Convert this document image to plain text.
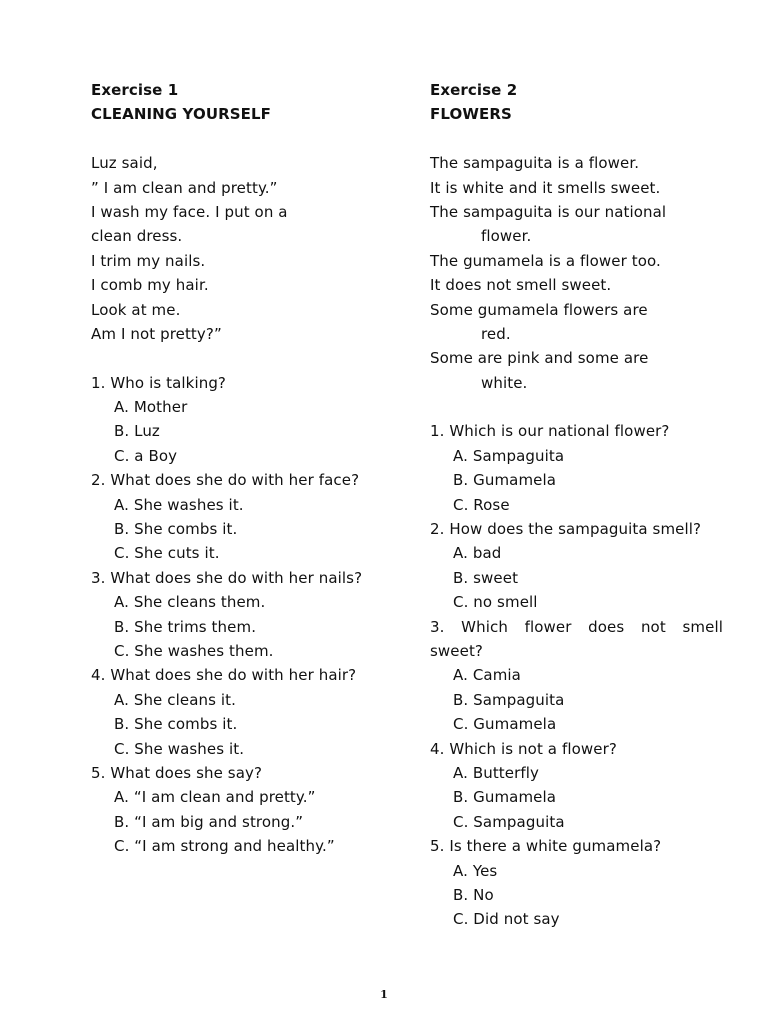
Exercise 1
CLEANING YOURSELF
Luz said,
” I am clean and pretty.”
I wash my face. I put on a
clean dress.
I trim my nails.
I comb my hair.
Look at me.
Am I not pretty?”
1. Who is talking?
A. Mother
B. Luz
C. a Boy
2. What does she do with her face?
A. She washes it.
B. She combs it.
C. She cuts it.
3. What does she do with her nails?
A. She cleans them.
B. She trims them.
C. She washes them.
4. What does she do with her hair?
A. She cleans it.
B. She combs it.
C. She washes it.
5. What does she say?
A. “I am clean and pretty.”
B. “I am big and strong.”
C. “I am strong and healthy.”
Exercise 2
FLOWERS
The sampaguita is a flower.
It is white and it smells sweet.
The sampaguita is our national
flower.
The gumamela is a flower too.
It does not smell sweet.
Some gumamela flowers are
red.
Some are pink and some are
white.
1. Which is our national flower?
A. Sampaguita
B. Gumamela
C. Rose
2. How does the sampaguita smell?
A. bad
B. sweet
C. no smell
3. Which flower does not smell
sweet?
A. Camia
B. Sampaguita
C. Gumamela
4. Which is not a flower?
A. Butterfly
B. Gumamela
C. Sampaguita
5. Is there a white gumamela?
A. Yes
B. No
C. Did not say
1
